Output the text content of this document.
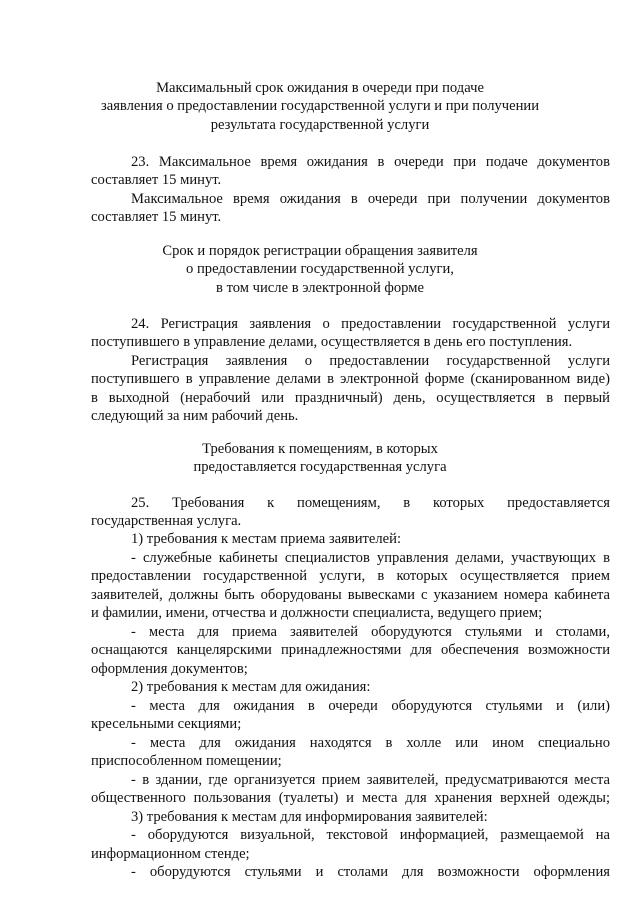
Максимальный срок ожидания в очереди при подаче
заявления о предоставлении государственной услуги и при получении
результата государственной услуги
23. Максимальное время ожидания в очереди при подаче документов
составляет 15 минут.
Максимальное время ожидания в очереди при получении документов
составляет 15 минут.
Срок и порядок регистрации обращения заявителя
о предоставлении государственной услуги,
в том числе в электронной форме
24. Регистрация заявления о предоставлении государственной услуги
поступившего в управление делами, осуществляется в день его поступления.
Регистрация заявления о предоставлении государственной услуги
поступившего в управление делами в электронной форме (сканированном виде)
в выходной (нерабочий или праздничный) день, осуществляется в первый
следующий за ним рабочий день.
Требования к помещениям, в которых
предоставляется государственная услуга
25. Требования к помещениям, в которых предоставляется
государственная услуга.
1) требования к местам приема заявителей:
- служебные кабинеты специалистов управления делами, участвующих в
предоставлении государственной услуги, в которых осуществляется прием
заявителей, должны быть оборудованы вывесками с указанием номера кабинета
и фамилии, имени, отчества и должности специалиста, ведущего прием;
- места для приема заявителей оборудуются стульями и столами,
оснащаются канцелярскими принадлежностями для обеспечения возможности
оформления документов;
2) требования к местам для ожидания:
- места для ожидания в очереди оборудуются стульями и (или)
кресельными секциями;
- места для ожидания находятся в холле или ином специально
приспособленном помещении;
- в здании, где организуется прием заявителей, предусматриваются места
общественного пользования (туалеты) и места для хранения верхней одежды;
3) требования к местам для информирования заявителей:
- оборудуются визуальной, текстовой информацией, размещаемой на
информационном стенде;
- оборудуются стульями и столами для возможности оформления
